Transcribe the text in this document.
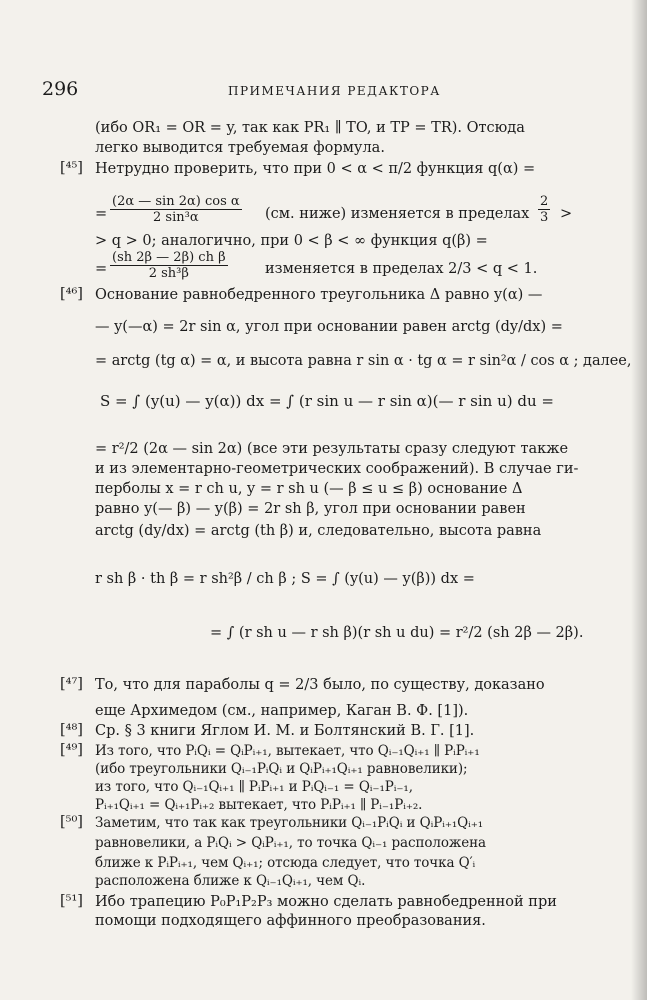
296	ПРИМЕЧАНИЯ РЕДАКТОРА
(ибо OR₁ = OR = y, так как PR₁ ∥ TO, и TP = TR). Отсюда
легко выводится требуемая формула.
[⁴⁵] Нетрудно проверить, что при 0 < α < π/2 функция q(α) =
= $\frac{\text{(2α — sin 2α) cos α}}{\text{2 sin³α}} (см$. ниже) изменяется в пределах $\frac{2}{3}$ >
> q > 0; аналогично, при 0 < β < ∞ функция q(β) =
= $\frac{\text{(sh 2β — 2β) ch β}}{\text{2 sh³β}}$	изменяется в пределах 2/3 < q < 1.
[⁴⁶] Основание равнобедренного треугольника Δ равно y(α) —
— y(—α) = 2r sin α, угол при основании равен arctg (dy/dx) =
= arctg (tg α) = α, и высота равна r sin α · tg α = r sin²α / cos α ; далее,
S = ∫ (y(u) — y(α)) dx = ∫ (r sin u — r sin α)(— r sin u) du =
= r²/2 (2α — sin 2α) (все эти результаты сразу следуют также
и из элементарно-геометрических соображений). В случае ги-
перболы x = r ch u, y = r sh u (— β ≤ u ≤ β) основание Δ
равно y(— β) — y(β) = 2r sh β, угол при основании равен
arctg (dy/dx) = arctg (th β) и, следовательно, высота равна
r sh β · th β = r sh²β / ch β ; S = ∫ (y(u) — y(β)) dx =
= ∫ (r sh u — r sh β)(r sh u du) = r²/2 (sh 2β — 2β).
[⁴⁷] То, что для параболы q = 2/3 было, по существу, доказано
еще Архимедом (см., например, Каган В. Ф. [1]).
[⁴⁸] Ср. § 3 книги Яглом И. М. и Болтянский В. Г. [1].
[⁴⁹] Из того, что PᵢQᵢ = QᵢPᵢ₊₁, вытекает, что Qᵢ₋₁Qᵢ₊₁ ∥ PᵢPᵢ₊₁
(ибо треугольники Qᵢ₋₁PᵢQᵢ и QᵢPᵢ₊₁Qᵢ₊₁ равновелики);
из того, что Qᵢ₋₁Qᵢ₊₁ ∥ PᵢPᵢ₊₁ и PᵢQᵢ₋₁ = Qᵢ₋₁Pᵢ₋₁,
Pᵢ₊₁Qᵢ₊₁ = Qᵢ₊₁Pᵢ₊₂ вытекает, что PᵢPᵢ₊₁ ∥ Pᵢ₋₁Pᵢ₊₂.
[⁵⁰] Заметим, что так как треугольники Qᵢ₋₁PᵢQᵢ и QᵢPᵢ₊₁Qᵢ₊₁
равновелики, а PᵢQᵢ > QᵢPᵢ₊₁, то точка Qᵢ₋₁ расположена
ближе к PᵢPᵢ₊₁, чем Qᵢ₊₁; отсюда следует, что точка Q′ᵢ
расположена ближе к Qᵢ₋₁Qᵢ₊₁, чем Qᵢ.
[⁵¹] Ибо трапецию P₀P₁P₂P₃ можно сделать равнобедренной при
помощи подходящего аффинного преобразования.
